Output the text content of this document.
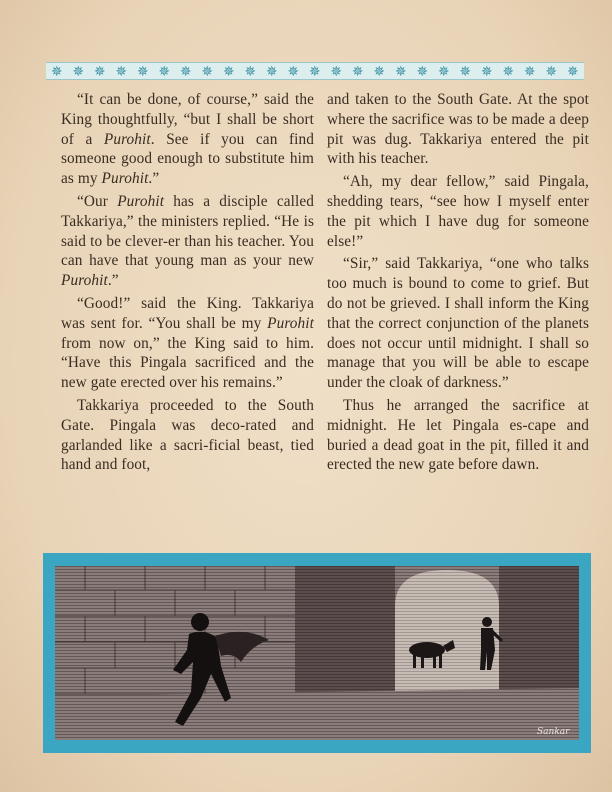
✵ ✵ ✵ ✵ ✵ ✵ ✵ ✵ ✵ ✵ ✵ ✵ ✵ ✵ ✵ ✵ ✵ ✵ ✵ ✵ ✵ ✵ ✵ ✵ ✵

“It can be done, of course,” said the King thoughtfully, “but I shall be short of a Purohit. See if you can find someone good enough to substitute him as my Purohit.”

“Our Purohit has a disciple called Takkariya,” the ministers replied. “He is said to be clever-er than his teacher. You can have that young man as your new Purohit.”

“Good!” said the King. Takkariya was sent for. “You shall be my Purohit from now on,” the King said to him. “Have this Pingala sacrificed and the new gate erected over his remains.”

Takkariya proceeded to the South Gate. Pingala was deco-rated and garlanded like a sacri-ficial beast, tied hand and foot,

and taken to the South Gate. At the spot where the sacrifice was to be made a deep pit was dug. Takkariya entered the pit with his teacher.

“Ah, my dear fellow,” said Pingala, shedding tears, “see how I myself enter the pit which I have dug for someone else!”

“Sir,” said Takkariya, “one who talks too much is bound to come to grief. But do not be grieved. I shall inform the King that the correct conjunction of the planets does not occur until midnight. I shall so manage that you will be able to escape under the cloak of darkness.”

Thus he arranged the sacrifice at midnight. He let Pingala es-cape and buried a dead goat in the pit, filled it and erected the new gate before dawn.

Sankar
